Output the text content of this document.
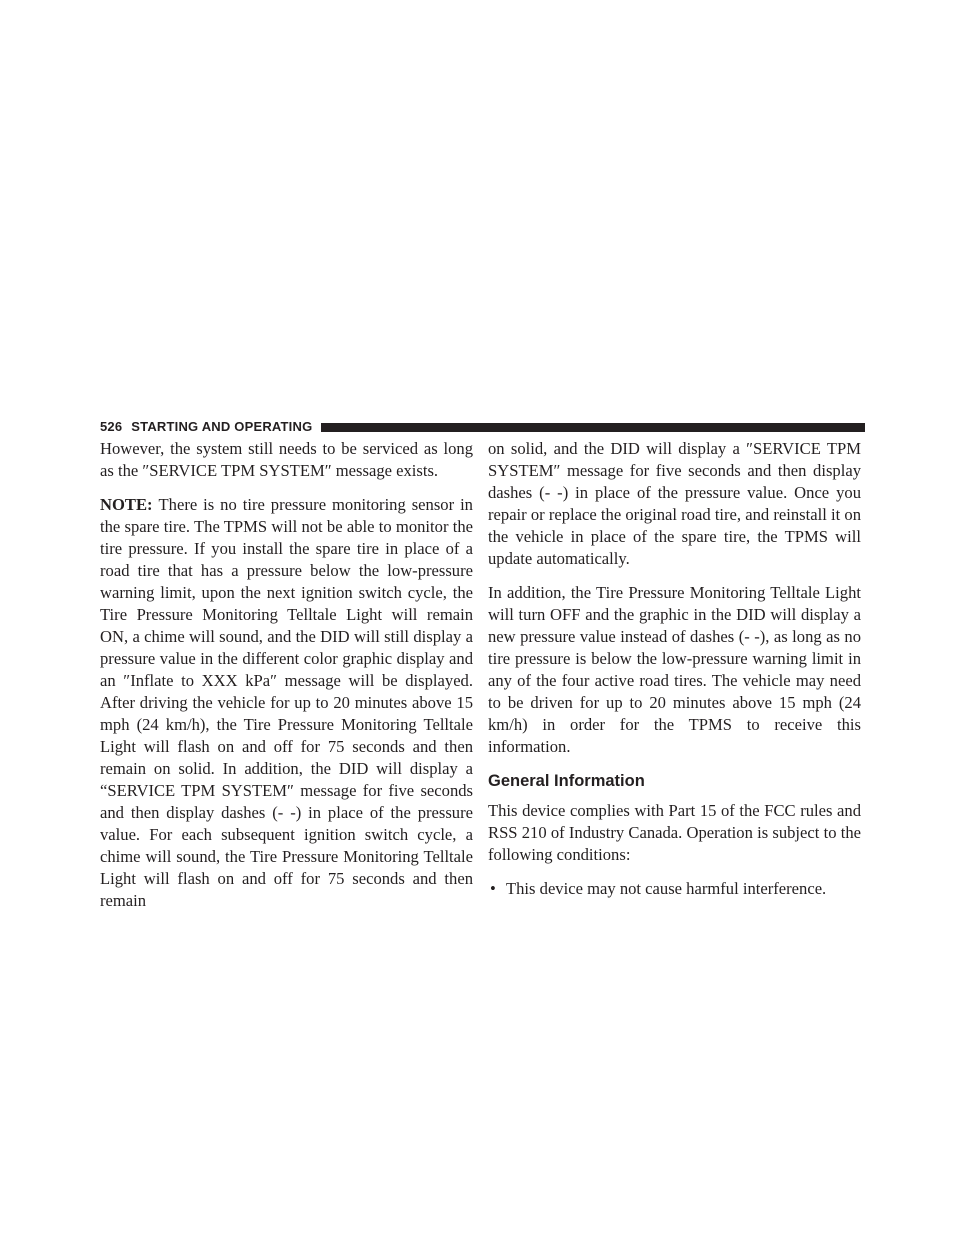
526 STARTING AND OPERATING

However, the system still needs to be serviced as long as the ″SERVICE TPM SYSTEM″ message exists.

NOTE: There is no tire pressure monitoring sensor in the spare tire. The TPMS will not be able to monitor the tire pressure. If you install the spare tire in place of a road tire that has a pressure below the low-pressure warning limit, upon the next ignition switch cycle, the Tire Pressure Monitoring Telltale Light will remain ON, a chime will sound, and the DID will still display a pressure value in the different color graphic display and an ″Inflate to XXX kPa″ message will be displayed. After driving the vehicle for up to 20 minutes above 15 mph (24 km/h), the Tire Pressure Monitoring Telltale Light will flash on and off for 75 seconds and then remain on solid. In addition, the DID will display a “SERVICE TPM SYSTEM″ message for five seconds and then display dashes (- -) in place of the pressure value. For each subsequent ignition switch cycle, a chime will sound, the Tire Pressure Monitoring Telltale Light will flash on and off for 75 seconds and then remain

on solid, and the DID will display a ″SERVICE TPM SYSTEM″ message for five seconds and then display dashes (- -) in place of the pressure value. Once you repair or replace the original road tire, and reinstall it on the vehicle in place of the spare tire, the TPMS will update automatically.

In addition, the Tire Pressure Monitoring Telltale Light will turn OFF and the graphic in the DID will display a new pressure value instead of dashes (- -), as long as no tire pressure is below the low-pressure warning limit in any of the four active road tires. The vehicle may need to be driven for up to 20 minutes above 15 mph (24 km/h) in order for the TPMS to receive this information.

General Information

This device complies with Part 15 of the FCC rules and RSS 210 of Industry Canada. Operation is subject to the following conditions:

• This device may not cause harmful interference.
